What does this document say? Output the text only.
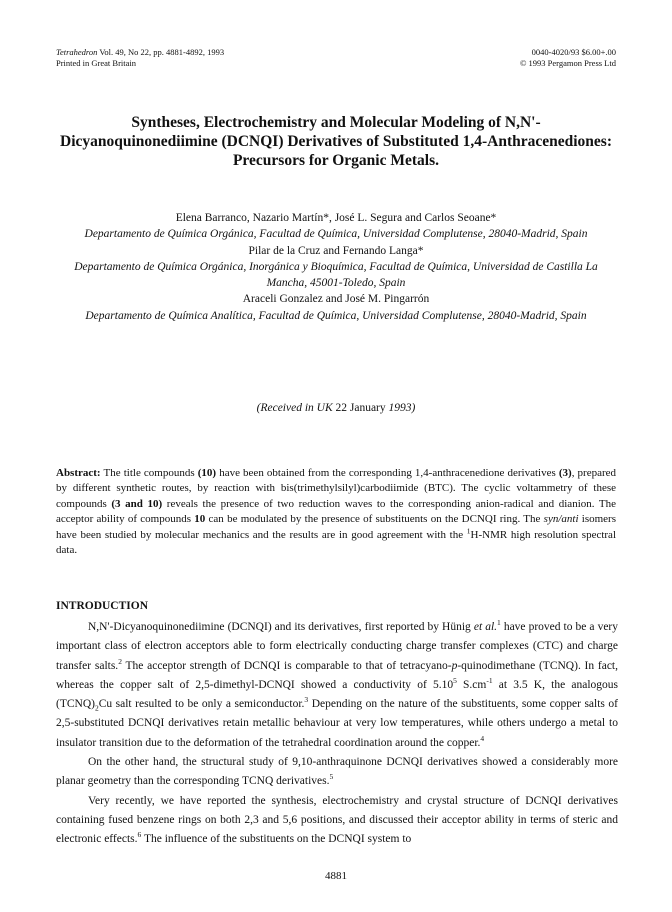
Tetrahedron Vol. 49, No 22, pp. 4881-4892, 1993
Printed in Great Britain
0040-4020/93 $6.00+.00
© 1993 Pergamon Press Ltd
Syntheses, Electrochemistry and Molecular Modeling of N,N'-Dicyanoquinonediimine (DCNQI) Derivatives of Substituted 1,4-Anthracenediones: Precursors for Organic Metals.
Elena Barranco, Nazario Martín*, José L. Segura and Carlos Seoane*
Departamento de Química Orgánica, Facultad de Química, Universidad Complutense, 28040-Madrid, Spain
Pilar de la Cruz and Fernando Langa*
Departamento de Química Orgánica, Inorgánica y Bioquímica, Facultad de Química, Universidad de Castilla La Mancha, 45001-Toledo, Spain
Araceli Gonzalez and José M. Pingarrón
Departamento de Química Analítica, Facultad de Química, Universidad Complutense, 28040-Madrid, Spain
(Received in UK 22 January 1993)
Abstract: The title compounds (10) have been obtained from the corresponding 1,4-anthracenedione derivatives (3), prepared by different synthetic routes, by reaction with bis(trimethylsilyl)carbodiimide (BTC). The cyclic voltammetry of these compounds (3 and 10) reveals the presence of two reduction waves to the corresponding anion-radical and dianion. The acceptor ability of compounds 10 can be modulated by the presence of substituents on the DCNQI ring. The syn/anti isomers have been studied by molecular mechanics and the results are in good agreement with the $^1$H-NMR high resolution spectral data.
INTRODUCTION

N,N'-Dicyanoquinonediimine (DCNQI) and its derivatives, first reported by Hünig et al.$^1$ have proved to be a very important class of electron acceptors able to form electrically conducting charge transfer complexes (CTC) and charge transfer salts.$^2$ The acceptor strength of DCNQI is comparable to that of tetracyano-p-quinodimethane (TCNQ). In fact, whereas the copper salt of 2,5-dimethyl-DCNQI showed a conductivity of 5.10$^5$ $S.cm^{-1}$ at 3.5 K, the analogous $(TCNQ)_2Cu$ salt resulted to be only a semiconductor.$^3$ Depending on the nature of the substituents, some copper salts of 2,5-substituted DCNQI derivatives retain metallic behaviour at very low temperatures, while others undergo a metal to insulator transition due to the deformation of the tetrahedral coordination around the copper.$^4$

On the other hand, the structural study of 9,10-anthraquinone DCNQI derivatives showed a considerably more planar geometry than the corresponding TCNQ derivatives.$^5$

Very recently, we have reported the synthesis, electrochemistry and crystal structure of DCNQI derivatives containing fused benzene rings on both 2,3 and 5,6 positions, and discussed their acceptor ability in terms of steric and electronic effects.$^6$ The influence of the substituents on the DCNQI system to

4881
